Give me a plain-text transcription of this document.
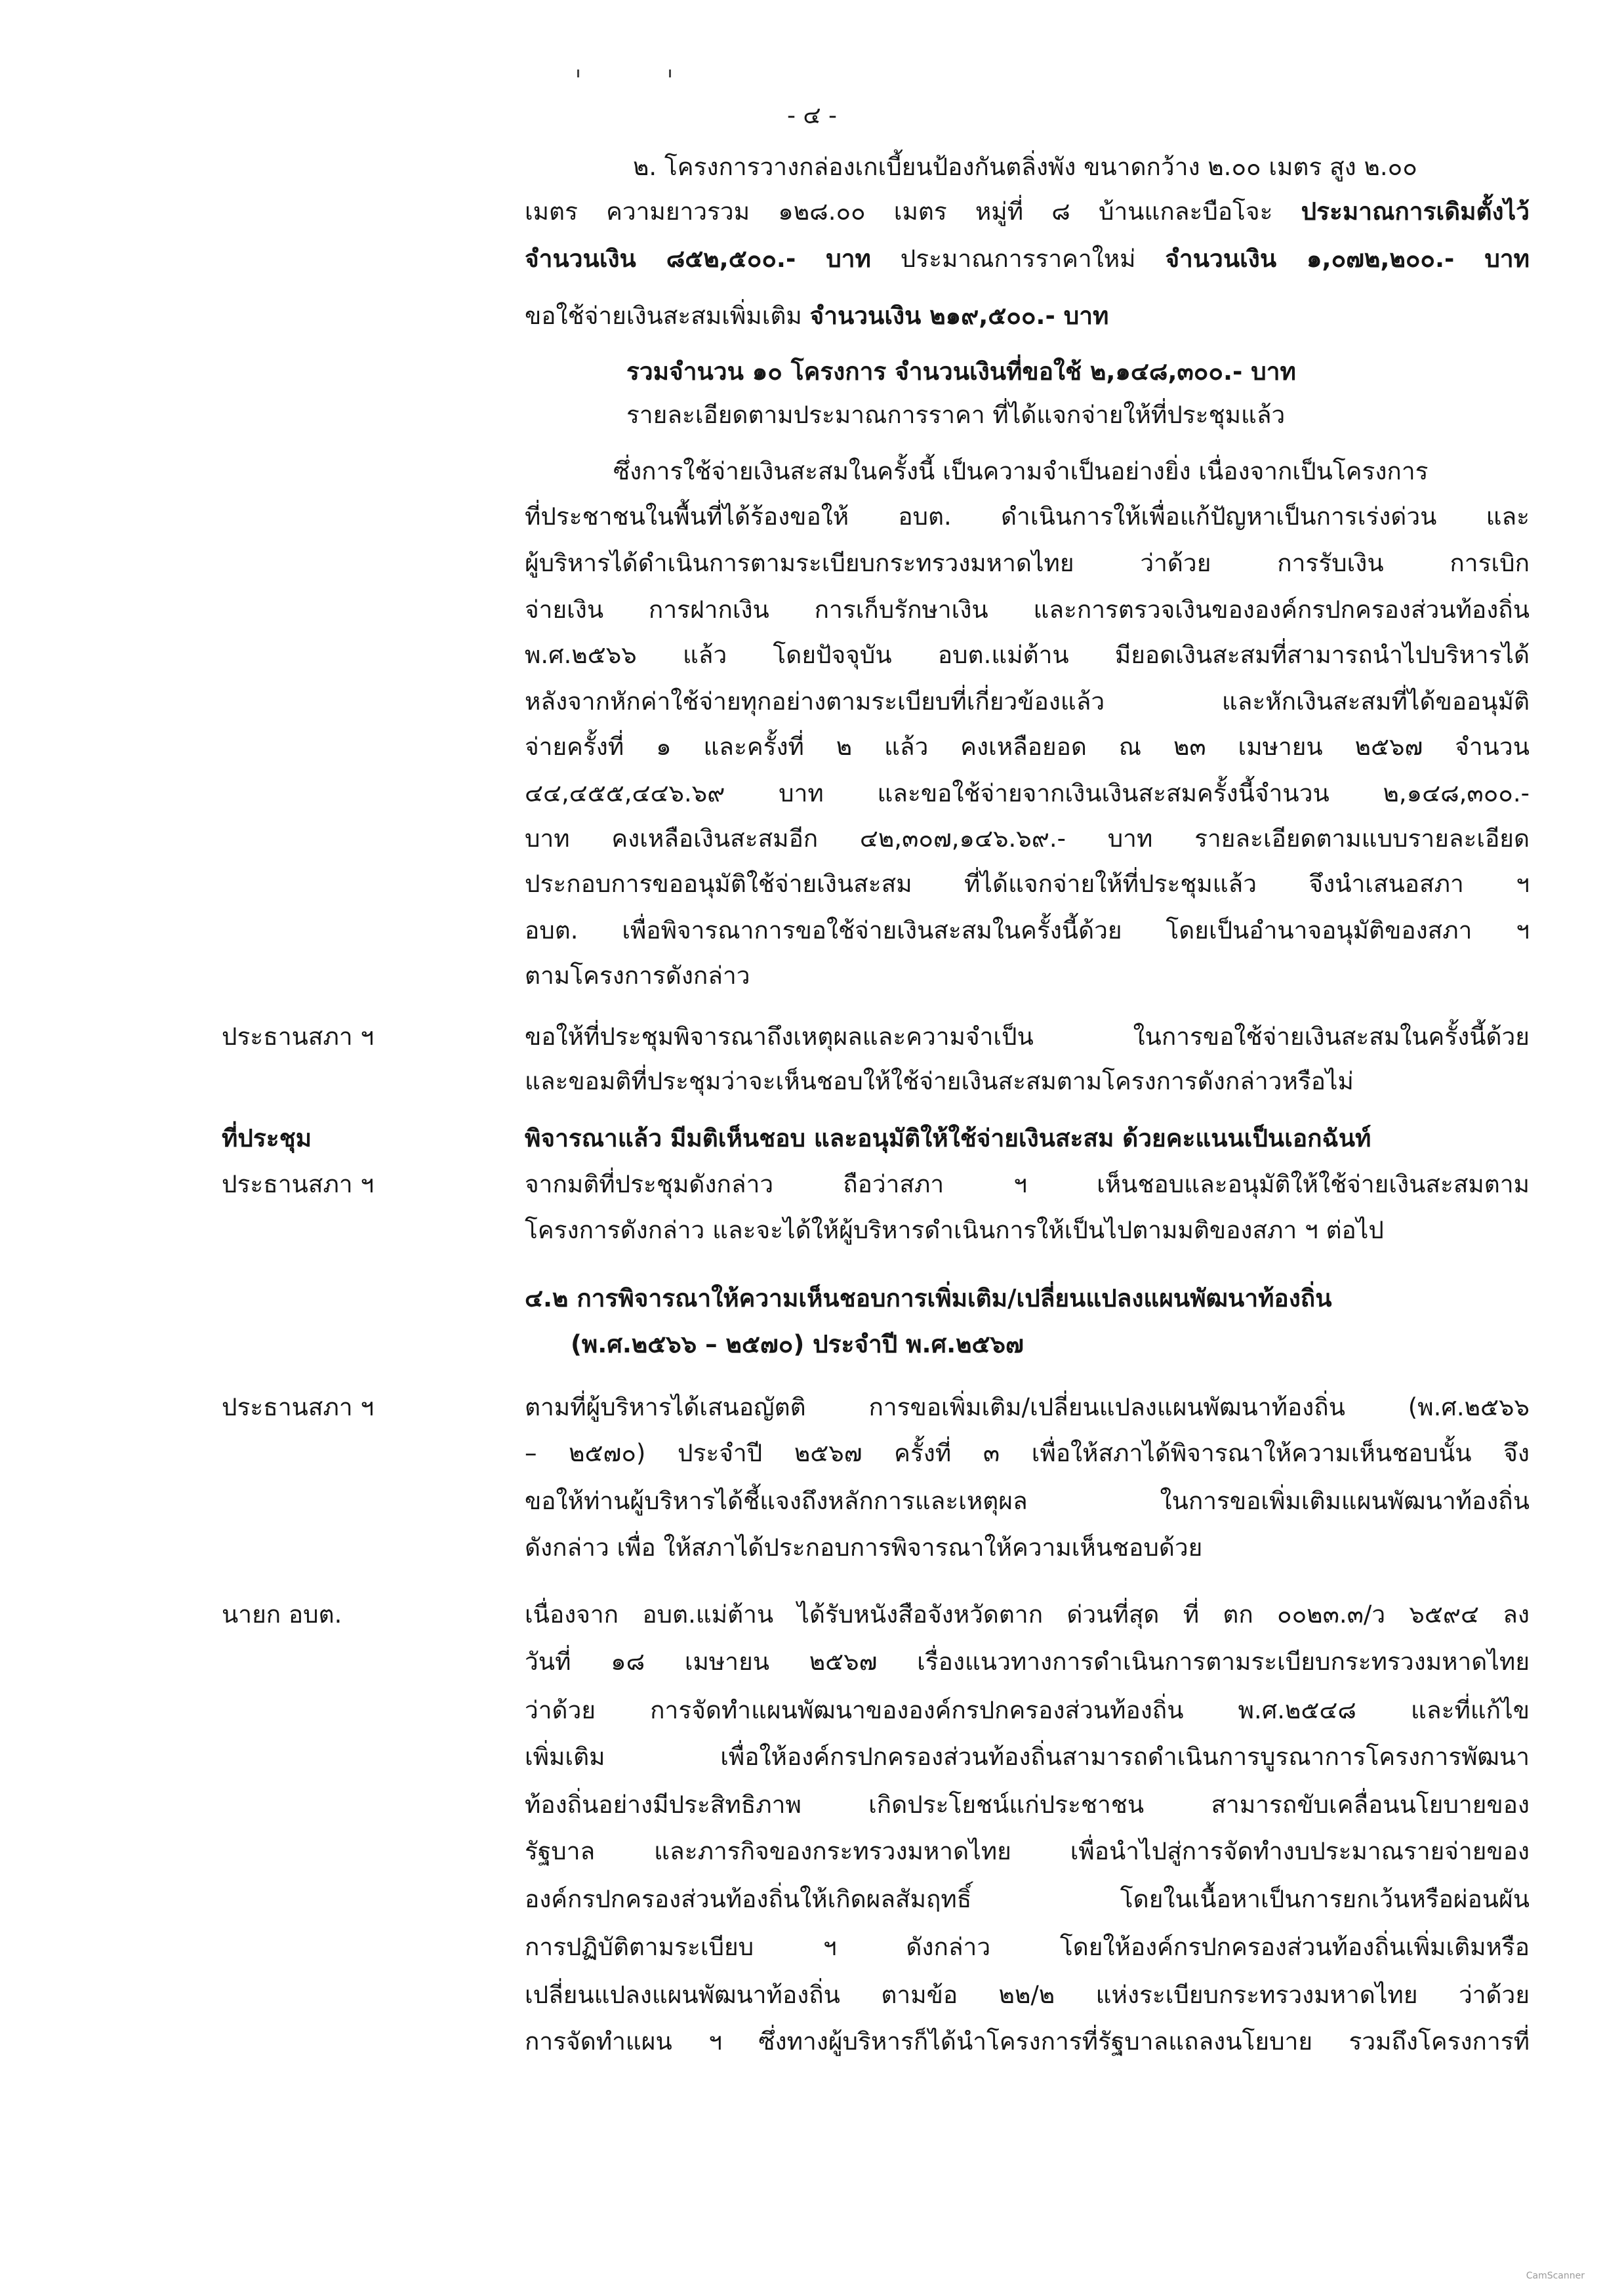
- ๔ -

ประธานสภา ฯ

ที่ประชุม

ประธานสภา ฯ

ประธานสภา ฯ

นายก อบต.

๒. โครงการวางกล่องเกเบี้ยนป้องกันตลิ่งพัง ขนาดกว้าง ๒.๐๐ เมตร สูง ๒.๐๐

เมตร ความยาวรวม ๑๒๘.๐๐ เมตร หมู่ที่ ๘ บ้านแกละบือโจะ ประมาณการเดิมตั้งไว้

จำนวนเงิน ๘๕๒,๕๐๐.- บาท ประมาณการราคาใหม่ จำนวนเงิน ๑,๐๗๒,๒๐๐.- บาท

ขอใช้จ่ายเงินสะสมเพิ่มเติม จำนวนเงิน ๒๑๙,๕๐๐.- บาท

รวมจำนวน ๑๐ โครงการ จำนวนเงินที่ขอใช้ ๒,๑๔๘,๓๐๐.- บาท

รายละเอียดตามประมาณการราคา ที่ได้แจกจ่ายให้ที่ประชุมแล้ว

ซึ่งการใช้จ่ายเงินสะสมในครั้งนี้ เป็นความจำเป็นอย่างยิ่ง เนื่องจากเป็นโครงการ

ที่ประชาชนในพื้นที่ได้ร้องขอให้ อบต. ดำเนินการให้เพื่อแก้ปัญหาเป็นการเร่งด่วน และ

ผู้บริหารได้ดำเนินการตามระเบียบกระทรวงมหาดไทย ว่าด้วย การรับเงิน การเบิก

จ่ายเงิน การฝากเงิน การเก็บรักษาเงิน และการตรวจเงินขององค์กรปกครองส่วนท้องถิ่น

พ.ศ.๒๕๖๖ แล้ว โดยปัจจุบัน อบต.แม่ต้าน มียอดเงินสะสมที่สามารถนำไปบริหารได้

หลังจากหักค่าใช้จ่ายทุกอย่างตามระเบียบที่เกี่ยวข้องแล้ว และหักเงินสะสมที่ได้ขออนุมัติ

จ่ายครั้งที่ ๑ และครั้งที่ ๒ แล้ว คงเหลือยอด ณ ๒๓ เมษายน ๒๕๖๗ จำนวน

๔๔,๔๕๕,๔๔๖.๖๙ บาท และขอใช้จ่ายจากเงินเงินสะสมครั้งนี้จำนวน ๒,๑๔๘,๓๐๐.-

บาท คงเหลือเงินสะสมอีก ๔๒,๓๐๗,๑๔๖.๖๙.- บาท รายละเอียดตามแบบรายละเอียด

ประกอบการขออนุมัติใช้จ่ายเงินสะสม ที่ได้แจกจ่ายให้ที่ประชุมแล้ว จึงนำเสนอสภา ฯ

อบต. เพื่อพิจารณาการขอใช้จ่ายเงินสะสมในครั้งนี้ด้วย โดยเป็นอำนาจอนุมัติของสภา ฯ

ตามโครงการดังกล่าว

ขอให้ที่ประชุมพิจารณาถึงเหตุผลและความจำเป็น ในการขอใช้จ่ายเงินสะสมในครั้งนี้ด้วย

และขอมติที่ประชุมว่าจะเห็นชอบให้ใช้จ่ายเงินสะสมตามโครงการดังกล่าวหรือไม่

พิจารณาแล้ว มีมติเห็นชอบ และอนุมัติให้ใช้จ่ายเงินสะสม ด้วยคะแนนเป็นเอกฉันท์

จากมติที่ประชุมดังกล่าว ถือว่าสภา ฯ เห็นชอบและอนุมัติให้ใช้จ่ายเงินสะสมตาม

โครงการดังกล่าว และจะได้ให้ผู้บริหารดำเนินการให้เป็นไปตามมติของสภา ฯ ต่อไป

๔.๒ การพิจารณาให้ความเห็นชอบการเพิ่มเติม/เปลี่ยนแปลงแผนพัฒนาท้องถิ่น

(พ.ศ.๒๕๖๖ – ๒๕๗๐) ประจำปี พ.ศ.๒๕๖๗

ตามที่ผู้บริหารได้เสนอญัตติ การขอเพิ่มเติม/เปลี่ยนแปลงแผนพัฒนาท้องถิ่น (พ.ศ.๒๕๖๖

– ๒๕๗๐) ประจำปี ๒๕๖๗ ครั้งที่ ๓ เพื่อให้สภาได้พิจารณาให้ความเห็นชอบนั้น จึง

ขอให้ท่านผู้บริหารได้ชี้แจงถึงหลักการและเหตุผล ในการขอเพิ่มเติมแผนพัฒนาท้องถิ่น

ดังกล่าว เพื่อ ให้สภาได้ประกอบการพิจารณาให้ความเห็นชอบด้วย

เนื่องจาก อบต.แม่ต้าน ได้รับหนังสือจังหวัดตาก ด่วนที่สุด ที่ ตก ๐๐๒๓.๓/ว ๖๕๙๔ ลง

วันที่ ๑๘ เมษายน ๒๕๖๗ เรื่องแนวทางการดำเนินการตามระเบียบกระทรวงมหาดไทย

ว่าด้วย การจัดทำแผนพัฒนาขององค์กรปกครองส่วนท้องถิ่น พ.ศ.๒๕๔๘ และที่แก้ไข

เพิ่มเติม เพื่อให้องค์กรปกครองส่วนท้องถิ่นสามารถดำเนินการบูรณาการโครงการพัฒนา

ท้องถิ่นอย่างมีประสิทธิภาพ เกิดประโยชน์แก่ประชาชน สามารถขับเคลื่อนนโยบายของ

รัฐบาล และภารกิจของกระทรวงมหาดไทย เพื่อนำไปสู่การจัดทำงบประมาณรายจ่ายของ

องค์กรปกครองส่วนท้องถิ่นให้เกิดผลสัมฤทธิ์ โดยในเนื้อหาเป็นการยกเว้นหรือผ่อนผัน

การปฏิบัติตามระเบียบ ฯ ดังกล่าว โดยให้องค์กรปกครองส่วนท้องถิ่นเพิ่มเติมหรือ

เปลี่ยนแปลงแผนพัฒนาท้องถิ่น ตามข้อ ๒๒/๒ แห่งระเบียบกระทรวงมหาดไทย ว่าด้วย

การจัดทำแผน ฯ ซึ่งทางผู้บริหารก็ได้นำโครงการที่รัฐบาลแถลงนโยบาย รวมถึงโครงการที่

CamScanner
